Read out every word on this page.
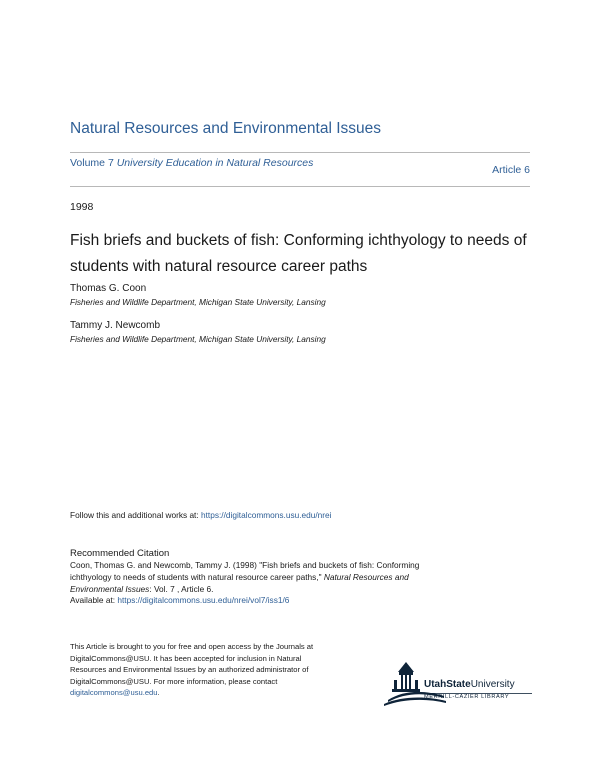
Natural Resources and Environmental Issues
Volume 7 University Education in Natural Resources
Article 6
1998
Fish briefs and buckets of fish: Conforming ichthyology to needs of students with natural resource career paths
Thomas G. Coon
Fisheries and Wildlife Department, Michigan State University, Lansing
Tammy J. Newcomb
Fisheries and Wildlife Department, Michigan State University, Lansing
Follow this and additional works at: https://digitalcommons.usu.edu/nrei
Recommended Citation
Coon, Thomas G. and Newcomb, Tammy J. (1998) "Fish briefs and buckets of fish: Conforming
ichthyology to needs of students with natural resource career paths," Natural Resources and
Environmental Issues: Vol. 7 , Article 6.
Available at: https://digitalcommons.usu.edu/nrei/vol7/iss1/6
This Article is brought to you for free and open access by the Journals at DigitalCommons@USU. It has been accepted for inclusion in Natural Resources and Environmental Issues by an authorized administrator of DigitalCommons@USU. For more information, please contact digitalcommons@usu.edu.
UtahStateUniversity
MERRILL-CAZIER LIBRARY
